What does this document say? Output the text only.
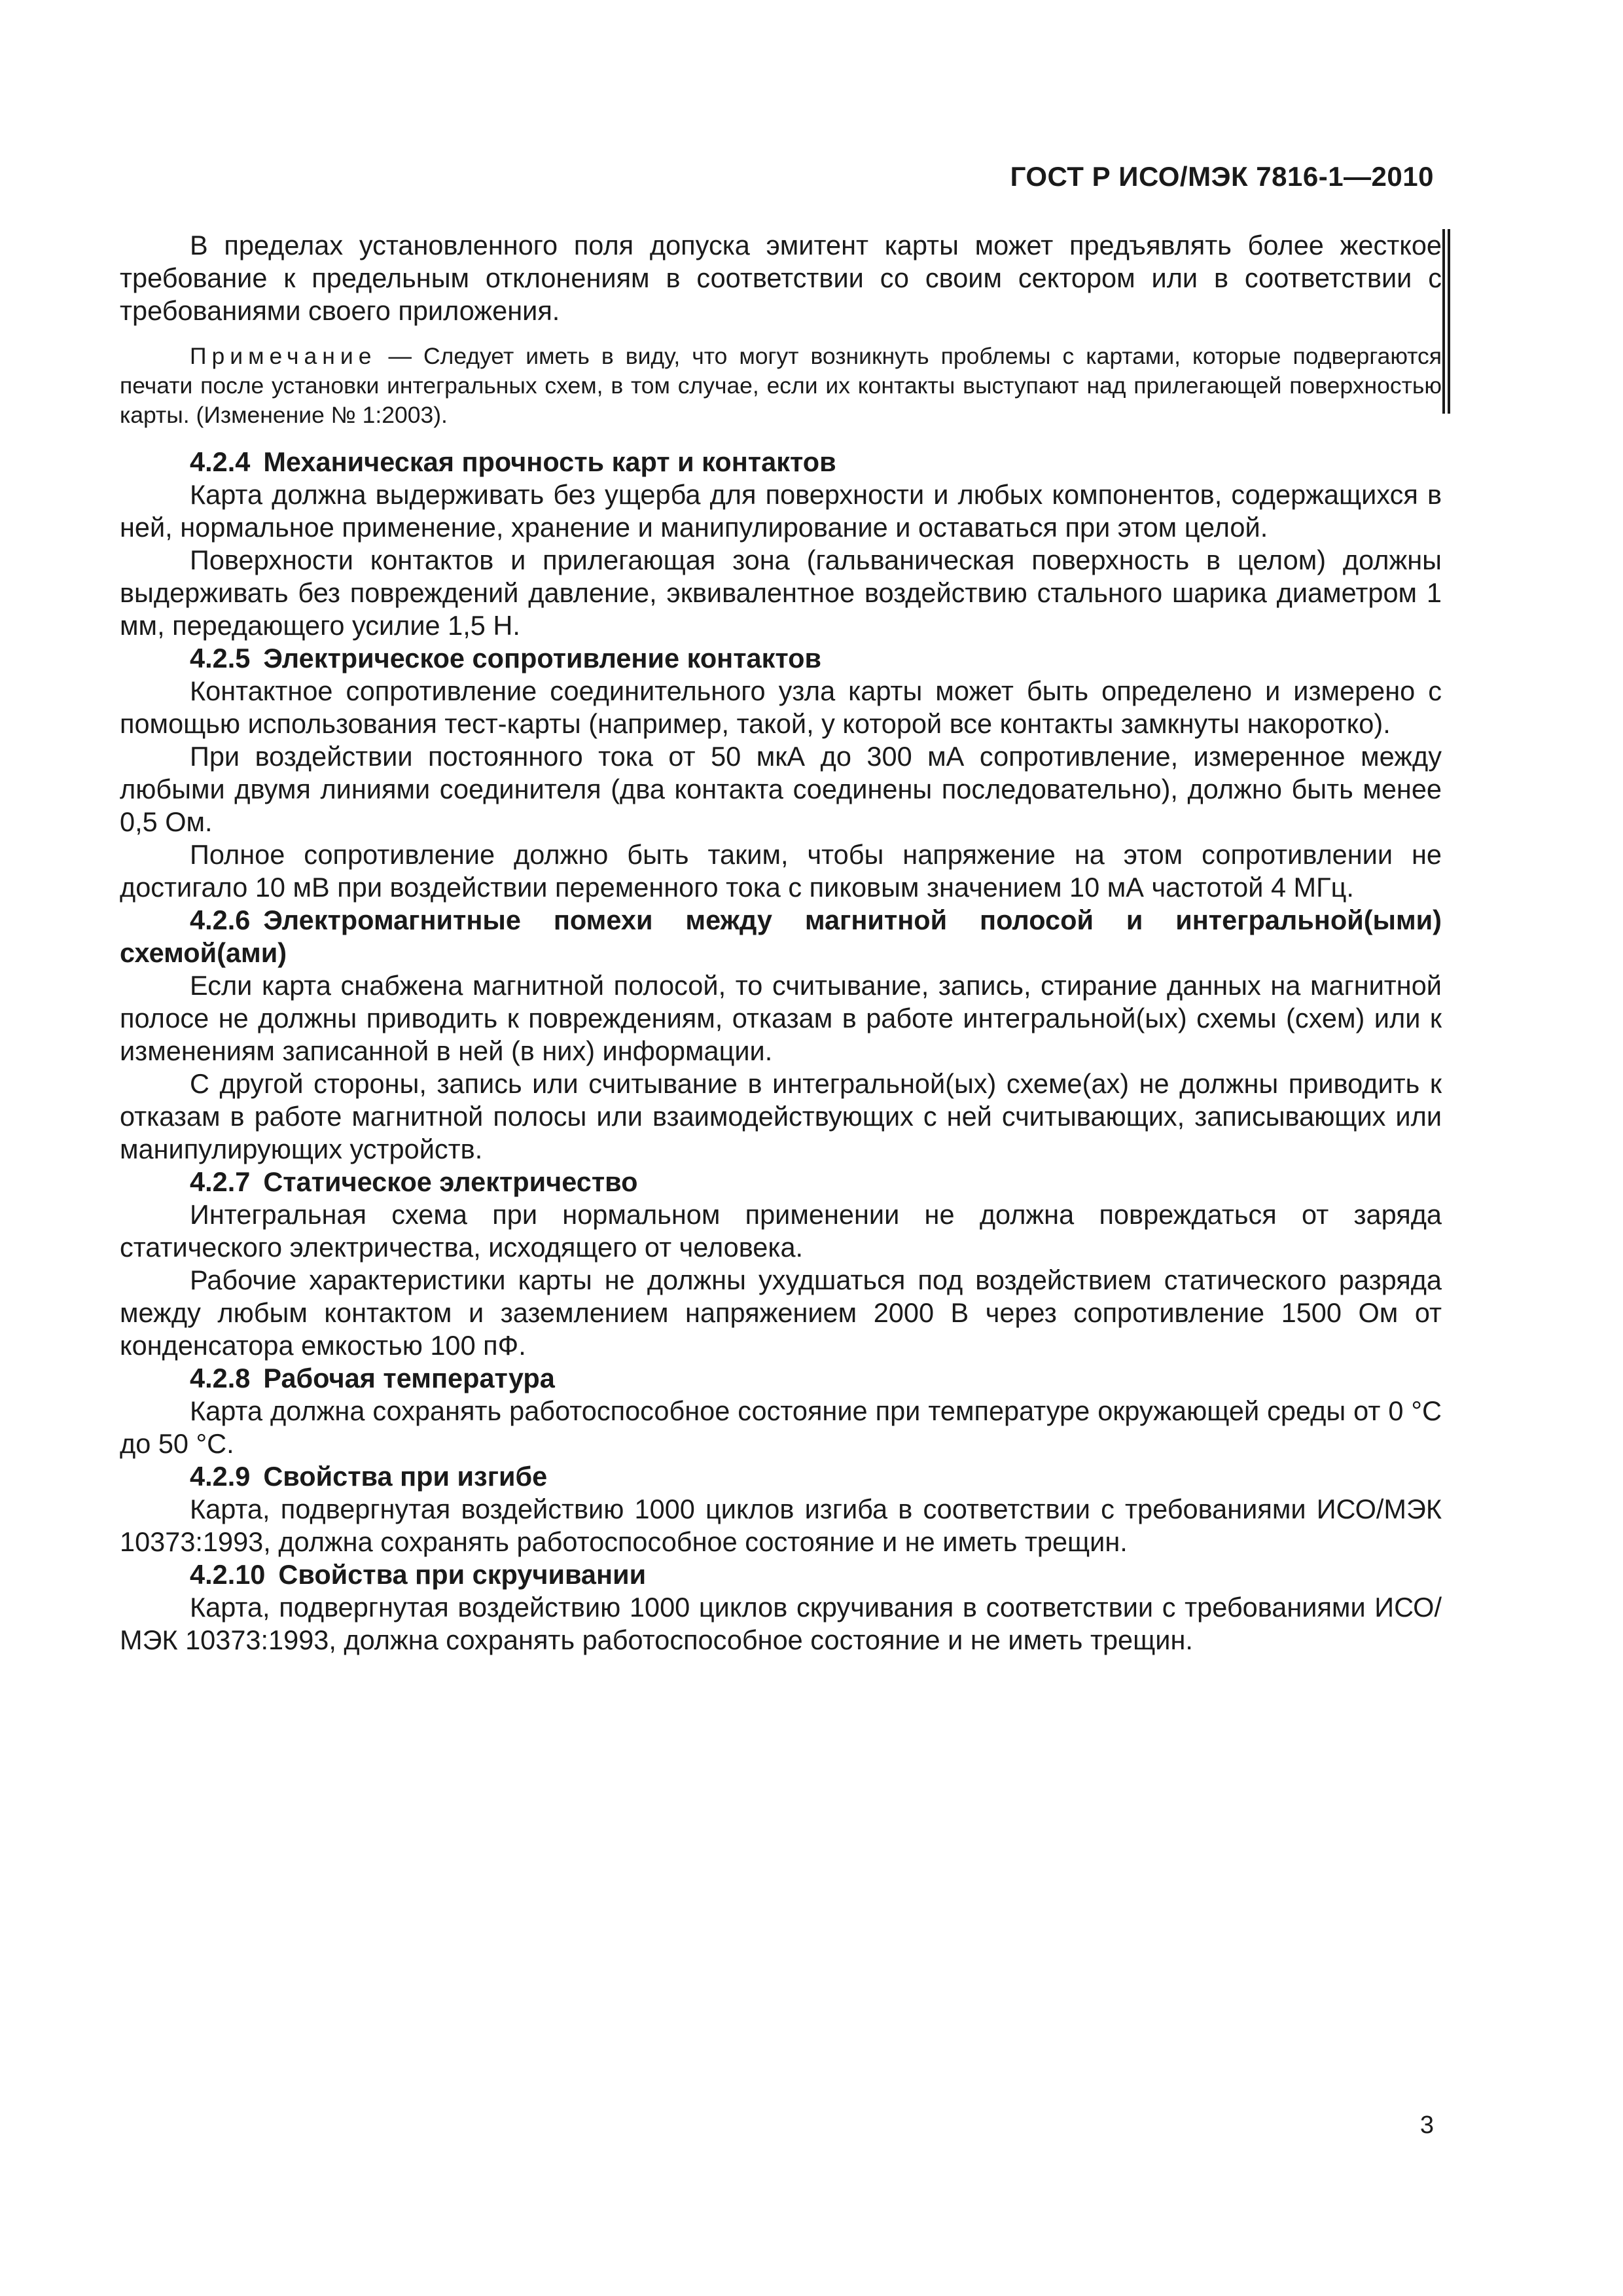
ГОСТ Р ИСО/МЭК 7816-1—2010

В пределах установленного поля допуска эмитент карты может предъявлять более жесткое требование к предельным отклонениям в соответствии со своим сектором или в соответствии с требованиями своего приложения.

Примечание — Следует иметь в виду, что могут возникнуть проблемы с картами, которые подвергаются печати после установки интегральных схем, в том случае, если их контакты выступают над прилегающей поверхностью карты. (Изменение № 1:2003).

4.2.4 Механическая прочность карт и контактов

Карта должна выдерживать без ущерба для поверхности и любых компонентов, содержащихся в ней, нормальное применение, хранение и манипулирование и оставаться при этом целой.

Поверхности контактов и прилегающая зона (гальваническая поверхность в целом) должны выдерживать без повреждений давление, эквивалентное воздействию стального шарика диаметром 1 мм, передающего усилие 1,5 Н.

4.2.5 Электрическое сопротивление контактов

Контактное сопротивление соединительного узла карты может быть определено и измерено с помощью использования тест-карты (например, такой, у которой все контакты замкнуты накоротко).

При воздействии постоянного тока от 50 мкА до 300 мА сопротивление, измеренное между любыми двумя линиями соединителя (два контакта соединены последовательно), должно быть менее 0,5 Ом.

Полное сопротивление должно быть таким, чтобы напряжение на этом сопротивлении не достигало 10 мВ при воздействии переменного тока с пиковым значением 10 мА частотой 4 МГц.

4.2.6 Электромагнитные помехи между магнитной полосой и интегральной(ыми) схемой(ами)

Если карта снабжена магнитной полосой, то считывание, запись, стирание данных на магнитной полосе не должны приводить к повреждениям, отказам в работе интегральной(ых) схемы (схем) или к изменениям записанной в ней (в них) информации.

С другой стороны, запись или считывание в интегральной(ых) схеме(ах) не должны приводить к отказам в работе магнитной полосы или взаимодействующих с ней считывающих, записывающих или манипулирующих устройств.

4.2.7 Статическое электричество

Интегральная схема при нормальном применении не должна повреждаться от заряда статического электричества, исходящего от человека.

Рабочие характеристики карты не должны ухудшаться под воздействием статического разряда между любым контактом и заземлением напряжением 2000 В через сопротивление 1500 Ом от конденсатора емкостью 100 пФ.

4.2.8 Рабочая температура

Карта должна сохранять работоспособное состояние при температуре окружающей среды от 0 °С до 50 °С.

4.2.9 Свойства при изгибе

Карта, подвергнутая воздействию 1000 циклов изгиба в соответствии с требованиями ИСО/МЭК 10373:1993, должна сохранять работоспособное состояние и не иметь трещин.

4.2.10 Свойства при скручивании

Карта, подвергнутая воздействию 1000 циклов скручивания в соответствии с требованиями ИСО/МЭК 10373:1993, должна сохранять работоспособное состояние и не иметь трещин.

3
